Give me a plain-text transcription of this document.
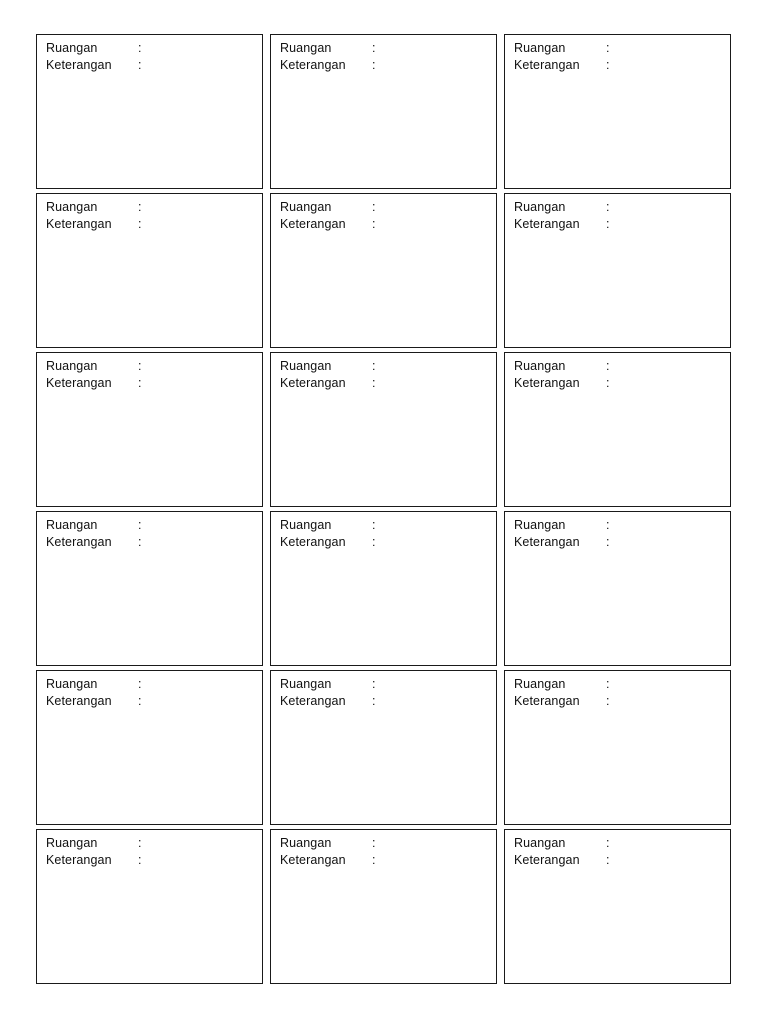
Ruangan	:
Keterangan	:
Ruangan	:
Keterangan	:
Ruangan	:
Keterangan	:
Ruangan	:
Keterangan	:
Ruangan	:
Keterangan	:
Ruangan	:
Keterangan	:
Ruangan	:
Keterangan	:
Ruangan	:
Keterangan	:
Ruangan	:
Keterangan	:
Ruangan	:
Keterangan	:
Ruangan	:
Keterangan	:
Ruangan	:
Keterangan	:
Ruangan	:
Keterangan	:
Ruangan	:
Keterangan	:
Ruangan	:
Keterangan	:
Ruangan	:
Keterangan	:
Ruangan	:
Keterangan	:
Ruangan	:
Keterangan	:
